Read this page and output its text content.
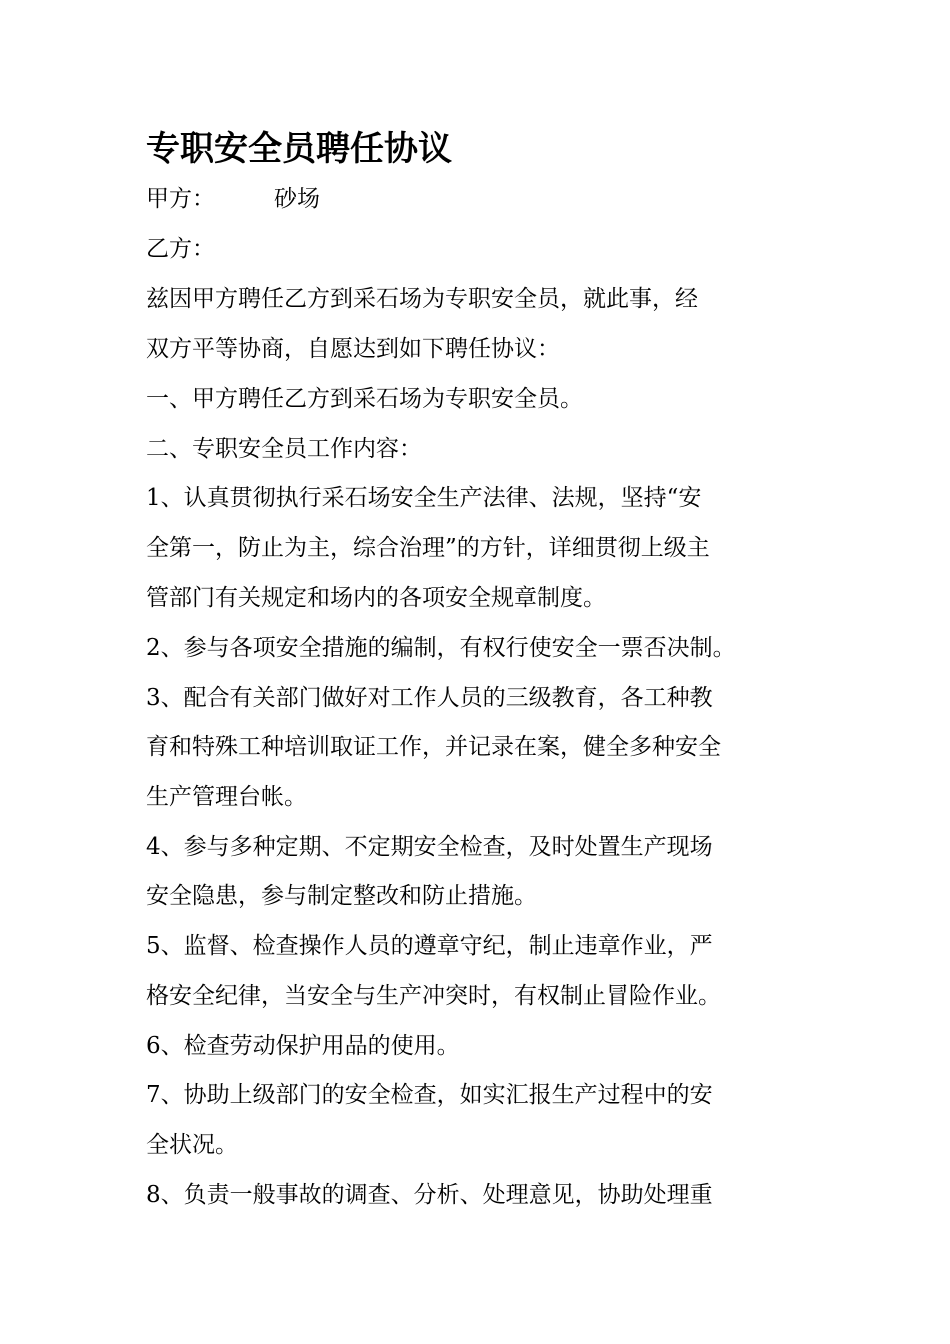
专职安全员聘任协议
甲方：	砂场
乙方：
兹因甲方聘任乙方到采石场为专职安全员，就此事，经
双方平等协商，自愿达到如下聘任协议：
一、甲方聘任乙方到采石场为专职安全员。
二、专职安全员工作内容：
1、认真贯彻执行采石场安全生产法律、法规，坚持“安
全第一，防止为主，综合治理”的方针，详细贯彻上级主
管部门有关规定和场内的各项安全规章制度。
2、参与各项安全措施的编制，有权行使安全一票否决制。
3、配合有关部门做好对工作人员的三级教育，各工种教
育和特殊工种培训取证工作，并记录在案，健全多种安全
生产管理台帐。
4、参与多种定期、不定期安全检查，及时处置生产现场
安全隐患，参与制定整改和防止措施。
5、监督、检查操作人员的遵章守纪，制止违章作业，严
格安全纪律，当安全与生产冲突时，有权制止冒险作业。
6、检查劳动保护用品的使用。
7、协助上级部门的安全检查，如实汇报生产过程中的安
全状况。
8、负责一般事故的调查、分析、处理意见，协助处理重
